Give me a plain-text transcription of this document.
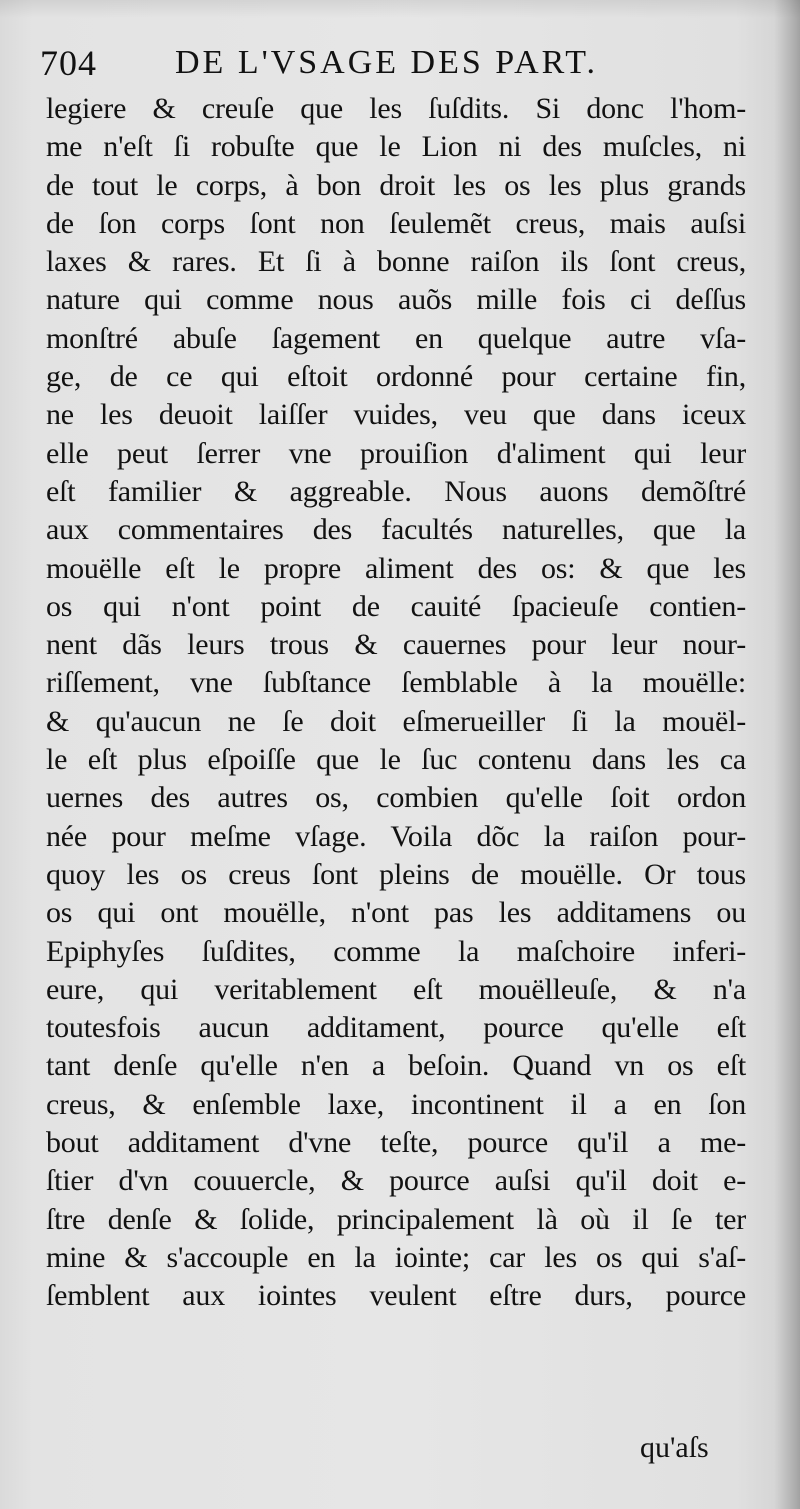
704 DE L'VSAGE DES PART.
legiere & creuſe que les ſuſdits. Si donc l'hom-
me n'eſt ſi robuſte que le Lion ni des muſcles, ni
de tout le corps, à bon droit les os les plus grands
de ſon corps ſont non ſeulemẽt creus, mais auſsi
laxes & rares. Et ſi à bonne raiſon ils ſont creus,
nature qui comme nous auõs mille fois ci deſſus
monſtré abuſe ſagement en quelque autre vſa-
ge, de ce qui eſtoit ordonné pour certaine fin,
ne les deuoit laiſſer vuides, veu que dans iceux
elle peut ſerrer vne prouiſion d'aliment qui leur
eſt familier & aggreable. Nous auons demõſtré
aux commentaires des facultés naturelles, que la
mouëlle eſt le propre aliment des os: & que les
os qui n'ont point de cauité ſpacieuſe contien-
nent dãs leurs trous & cauernes pour leur nour-
riſſement, vne ſubſtance ſemblable à la mouëlle:
& qu'aucun ne ſe doit eſmerueiller ſi la mouël-
le eſt plus eſpoiſſe que le ſuc contenu dans les ca
uernes des autres os, combien qu'elle ſoit ordon
née pour meſme vſage. Voila dõc la raiſon pour-
quoy les os creus ſont pleins de mouëlle. Or tous
os qui ont mouëlle, n'ont pas les additamens ou
Epiphyſes ſuſdites, comme la maſchoire inferi-
eure, qui veritablement eſt mouëlleuſe, & n'a
toutesfois aucun additament, pource qu'elle eſt
tant denſe qu'elle n'en a beſoin. Quand vn os eſt
creus, & enſemble laxe, incontinent il a en ſon
bout additament d'vne teſte, pource qu'il a me-
ſtier d'vn couuercle, & pource auſsi qu'il doit e-
ſtre denſe & ſolide, principalement là où il ſe ter
mine & s'accouple en la iointe; car les os qui s'aſ-
ſemblent aux iointes veulent eſtre durs, pource
qu'aſs
